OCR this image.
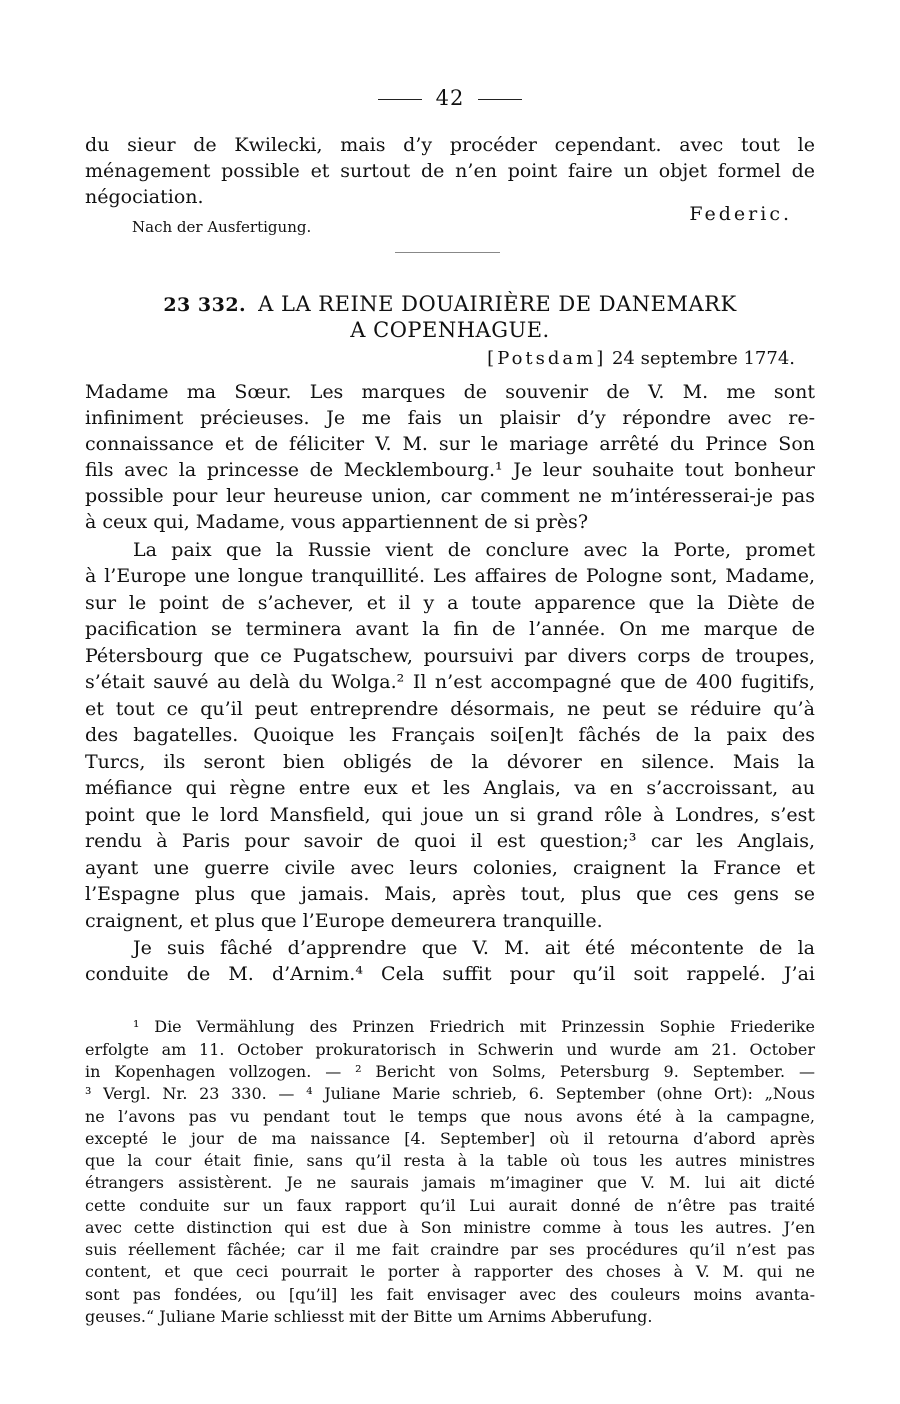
42
du sieur de Kwilecki, mais d’y procéder cependant. avec tout le
ménagement possible et surtout de n’en point faire un objet formel de
négociation.
Nach der Ausfertigung.
Federic.
23 332. A LA REINE DOUAIRIÈRE DE DANEMARK
A COPENHAGUE.
[Potsdam] 24 septembre 1774.
Madame ma Sœur. Les marques de souvenir de V. M. me sont
infiniment précieuses. Je me fais un plaisir d’y répondre avec re-
connaissance et de féliciter V. M. sur le mariage arrêté du Prince Son
fils avec la princesse de Mecklembourg.¹ Je leur souhaite tout bonheur
possible pour leur heureuse union, car comment ne m’intéresserai-je pas
à ceux qui, Madame, vous appartiennent de si près?
La paix que la Russie vient de conclure avec la Porte, promet
à l’Europe une longue tranquillité. Les affaires de Pologne sont, Madame,
sur le point de s’achever, et il y a toute apparence que la Diète de
pacification se terminera avant la fin de l’année. On me marque de
Pétersbourg que ce Pugatschew, poursuivi par divers corps de troupes,
s’était sauvé au delà du Wolga.² Il n’est accompagné que de 400 fugitifs,
et tout ce qu’il peut entreprendre désormais, ne peut se réduire qu’à
des bagatelles. Quoique les Français soi[en]t fâchés de la paix des
Turcs, ils seront bien obligés de la dévorer en silence. Mais la
méfiance qui règne entre eux et les Anglais, va en s’accroissant, au
point que le lord Mansfield, qui joue un si grand rôle à Londres, s’est
rendu à Paris pour savoir de quoi il est question;³ car les Anglais,
ayant une guerre civile avec leurs colonies, craignent la France et
l’Espagne plus que jamais. Mais, après tout, plus que ces gens se
craignent, et plus que l’Europe demeurera tranquille.
Je suis fâché d’apprendre que V. M. ait été mécontente de la
conduite de M. d’Arnim.⁴ Cela suffit pour qu’il soit rappelé. J’ai
¹ Die Vermählung des Prinzen Friedrich mit Prinzessin Sophie Friederike
erfolgte am 11. October prokuratorisch in Schwerin und wurde am 21. October
in Kopenhagen vollzogen. — ² Bericht von Solms, Petersburg 9. September. —
³ Vergl. Nr. 23 330. — ⁴ Juliane Marie schrieb, 6. September (ohne Ort): „Nous
ne l’avons pas vu pendant tout le temps que nous avons été à la campagne,
excepté le jour de ma naissance [4. September] où il retourna d’abord après
que la cour était finie, sans qu’il resta à la table où tous les autres ministres
étrangers assistèrent. Je ne saurais jamais m’imaginer que V. M. lui ait dicté
cette conduite sur un faux rapport qu’il Lui aurait donné de n’être pas traité
avec cette distinction qui est due à Son ministre comme à tous les autres. J’en
suis réellement fâchée; car il me fait craindre par ses procédures qu’il n’est pas
content, et que ceci pourrait le porter à rapporter des choses à V. M. qui ne
sont pas fondées, ou [qu’il] les fait envisager avec des couleurs moins avanta-
geuses.“ Juliane Marie schliesst mit der Bitte um Arnims Abberufung.
